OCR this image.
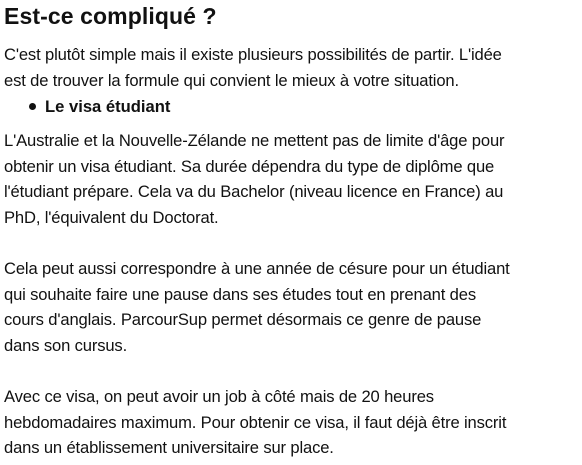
Est-ce compliqué ?

C'est plutôt simple mais il existe plusieurs possibilités de partir. L'idée
est de trouver la formule qui convient le mieux à votre situation.

Le visa étudiant

L'Australie et la Nouvelle-Zélande ne mettent pas de limite d'âge pour
obtenir un visa étudiant. Sa durée dépendra du type de diplôme que
l'étudiant prépare. Cela va du Bachelor (niveau licence en France) au
PhD, l'équivalent du Doctorat.

Cela peut aussi correspondre à une année de césure pour un étudiant
qui souhaite faire une pause dans ses études tout en prenant des
cours d'anglais. ParcourSup permet désormais ce genre de pause
dans son cursus.

Avec ce visa, on peut avoir un job à côté mais de 20 heures
hebdomadaires maximum. Pour obtenir ce visa, il faut déjà être inscrit
dans un établissement universitaire sur place.
